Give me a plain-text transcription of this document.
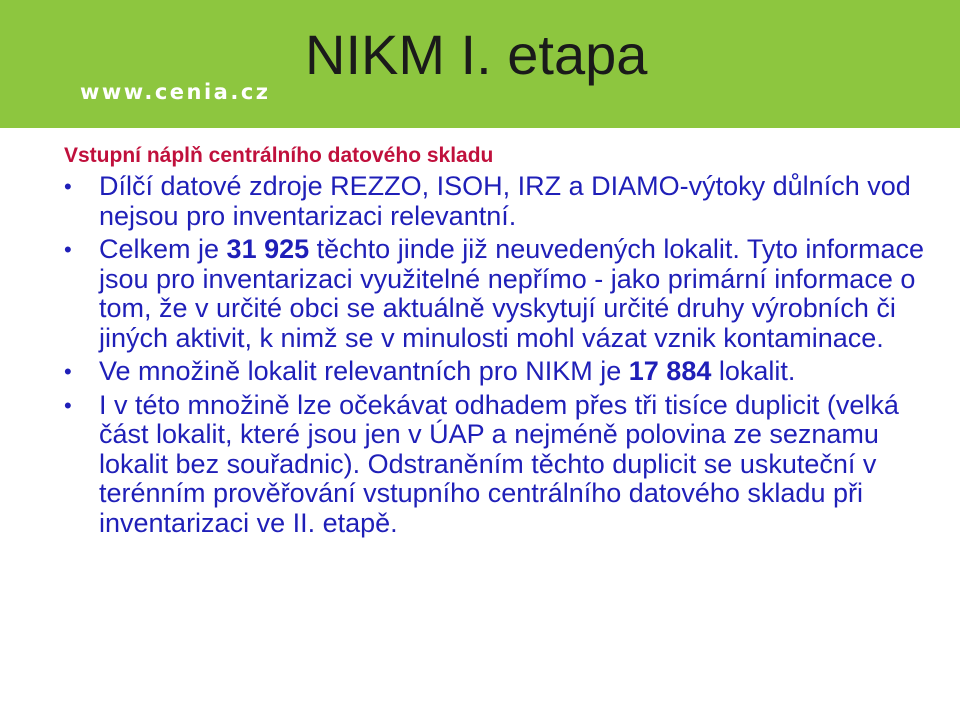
www.cenia.cz
NIKM I. etapa
Vstupní náplň centrálního datového skladu
•	Dílčí datové zdroje REZZO, ISOH, IRZ a DIAMO-výtoky důlních vod nejsou pro inventarizaci relevantní.
•	Celkem je 31 925 těchto jinde již neuvedených lokalit. Tyto informace jsou pro inventarizaci využitelné nepřímo - jako primární informace o tom, že v určité obci se aktuálně vyskytují určité druhy výrobních či jiných aktivit, k nimž se v minulosti mohl vázat vznik kontaminace.
•	Ve množině lokalit relevantních pro NIKM je 17 884 lokalit.
•	I v této množině lze očekávat odhadem přes tři tisíce duplicit (velká část lokalit, které jsou jen v ÚAP a nejméně polovina ze seznamu lokalit bez souřadnic). Odstraněním těchto duplicit se uskuteční v terénním prověřování vstupního centrálního datového skladu při inventarizaci ve II. etapě.
